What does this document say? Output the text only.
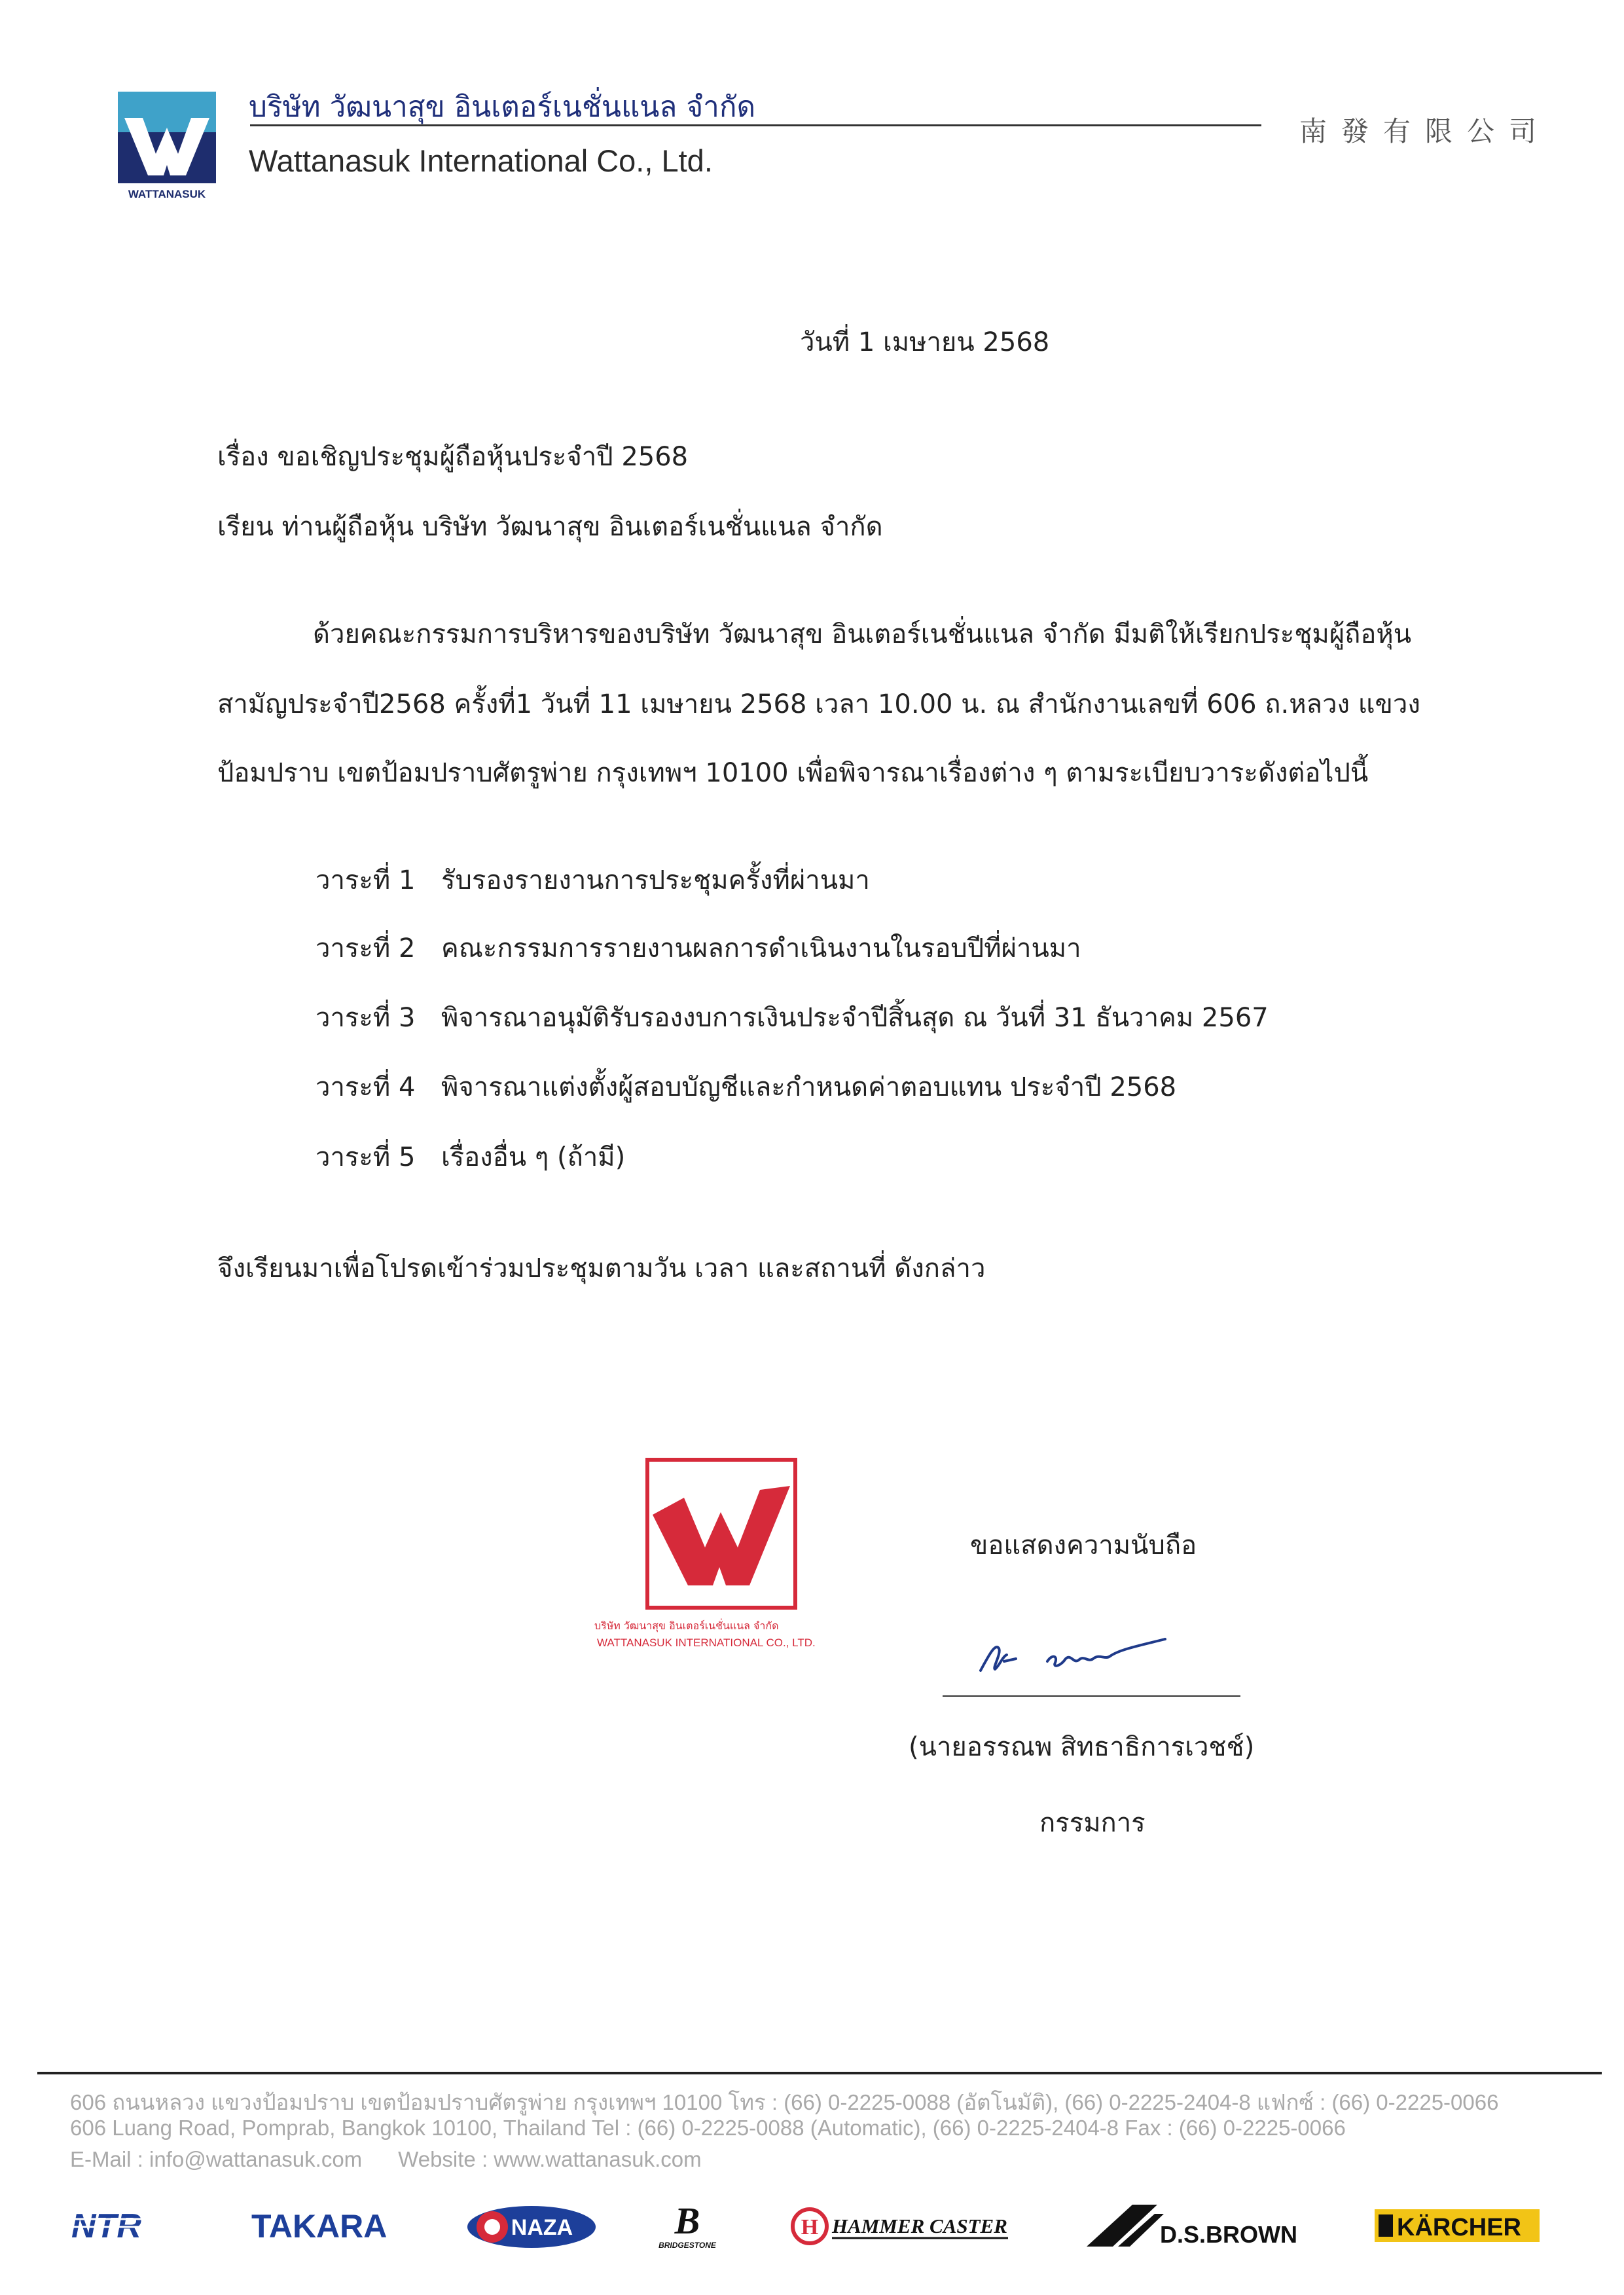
WATTANASUK
บริษัท วัฒนาสุข อินเตอร์เนชั่นแนล จำกัด
Wattanasuk International Co., Ltd.
南發有限公司
วันที่ 1 เมษายน 2568
เรื่อง ขอเชิญประชุมผู้ถือหุ้นประจำปี 2568
เรียน ท่านผู้ถือหุ้น บริษัท วัฒนาสุข อินเตอร์เนชั่นแนล จำกัด
ด้วยคณะกรรมการบริหารของบริษัท วัฒนาสุข อินเตอร์เนชั่นแนล จำกัด มีมติให้เรียกประชุมผู้ถือหุ้น
สามัญประจำปี2568 ครั้งที่1 วันที่ 11 เมษายน 2568 เวลา 10.00 น. ณ สำนักงานเลขที่ 606 ถ.หลวง แขวง
ป้อมปราบ เขตป้อมปราบศัตรูพ่าย กรุงเทพฯ 10100 เพื่อพิจารณาเรื่องต่าง ๆ ตามระเบียบวาระดังต่อไปนี้
วาระที่ 1 รับรองรายงานการประชุมครั้งที่ผ่านมา
วาระที่ 2 คณะกรรมการรายงานผลการดำเนินงานในรอบปีที่ผ่านมา
วาระที่ 3 พิจารณาอนุมัติรับรองงบการเงินประจำปีสิ้นสุด ณ วันที่ 31 ธันวาคม 2567
วาระที่ 4 พิจารณาแต่งตั้งผู้สอบบัญชีและกำหนดค่าตอบแทน ประจำปี 2568
วาระที่ 5 เรื่องอื่น ๆ (ถ้ามี)
จึงเรียนมาเพื่อโปรดเข้าร่วมประชุมตามวัน เวลา และสถานที่ ดังกล่าว
บริษัท วัฒนาสุข อินเตอร์เนชั่นแนล จำกัด
WATTANASUK INTERNATIONAL CO., LTD.
ขอแสดงความนับถือ
(นายอรรณพ สิทธาธิการเวชช์)
กรรมการ
606 ถนนหลวง แขวงป้อมปราบ เขตป้อมปราบศัตรูพ่าย กรุงเทพฯ 10100 โทร : (66) 0-2225-0088 (อัตโนมัติ), (66) 0-2225-2404-8 แฟกซ์ : (66) 0-2225-0066
606 Luang Road, Pomprab, Bangkok 10100, Thailand Tel : (66) 0-2225-0088 (Automatic), (66) 0-2225-2404-8 Fax : (66) 0-2225-0066
E-Mail : info@wattanasuk.com Website : www.wattanasuk.com
NTR	TAKARA	NAZA	B
BRIDGESTONE
H HAMMER CASTER	D.S.BROWN	KÄRCHER
